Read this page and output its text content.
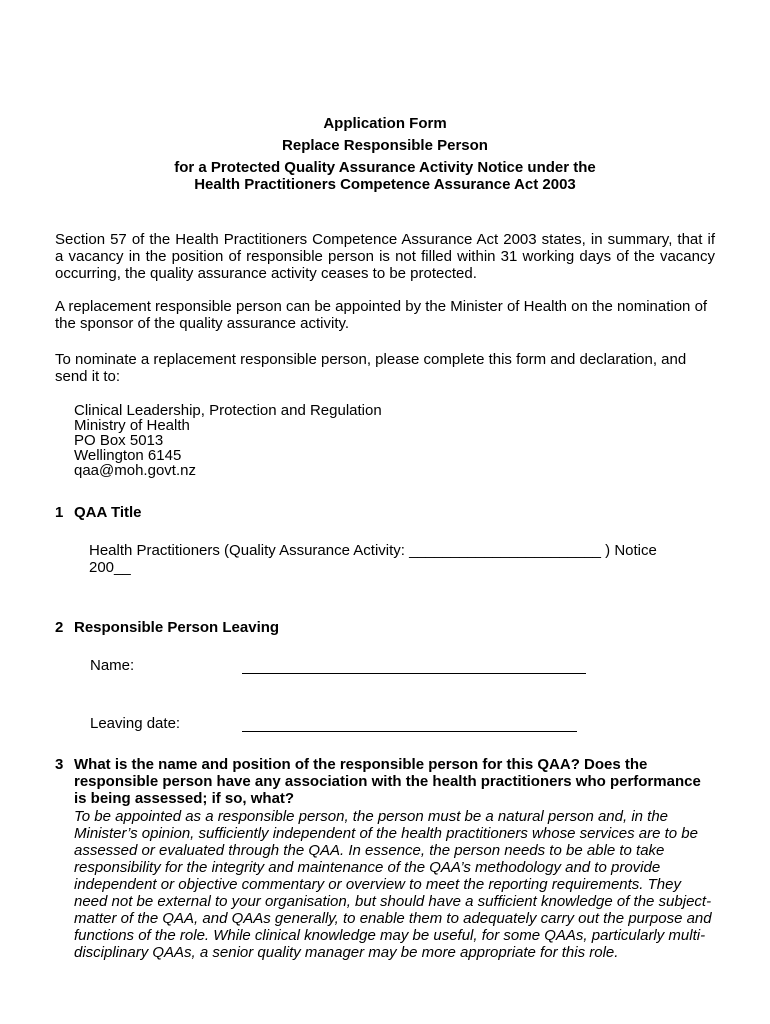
Application Form
Replace Responsible Person
for a Protected Quality Assurance Activity Notice under the
Health Practitioners Competence Assurance Act 2003

Section 57 of the Health Practitioners Competence Assurance Act 2003 states, in summary, that if a vacancy in the position of responsible person is not filled within 31 working days of the vacancy occurring, the quality assurance activity ceases to be protected.

A replacement responsible person can be appointed by the Minister of Health on the nomination of the sponsor of the quality assurance activity.

To nominate a replacement responsible person, please complete this form and declaration, and send it to:

Clinical Leadership, Protection and Regulation
Ministry of Health
PO Box 5013
Wellington 6145
qaa@moh.govt.nz
1 QAA Title

Health Practitioners (Quality Assurance Activity: _______________________ ) Notice 200__

2 Responsible Person Leaving
Name:
Leaving date:
3 What is the name and position of the responsible person for this QAA? Does the responsible person have any association with the health practitioners who performance is being assessed; if so, what?

To be appointed as a responsible person, the person must be a natural person and, in the Minister’s opinion, sufficiently independent of the health practitioners whose services are to be assessed or evaluated through the QAA. In essence, the person needs to be able to take responsibility for the integrity and maintenance of the QAA’s methodology and to provide independent or objective commentary or overview to meet the reporting requirements. They need not be external to your organisation, but should have a sufficient knowledge of the subject-matter of the QAA, and QAAs generally, to enable them to adequately carry out the purpose and functions of the role. While clinical knowledge may be useful, for some QAAs, particularly multi-disciplinary QAAs, a senior quality manager may be more appropriate for this role.
